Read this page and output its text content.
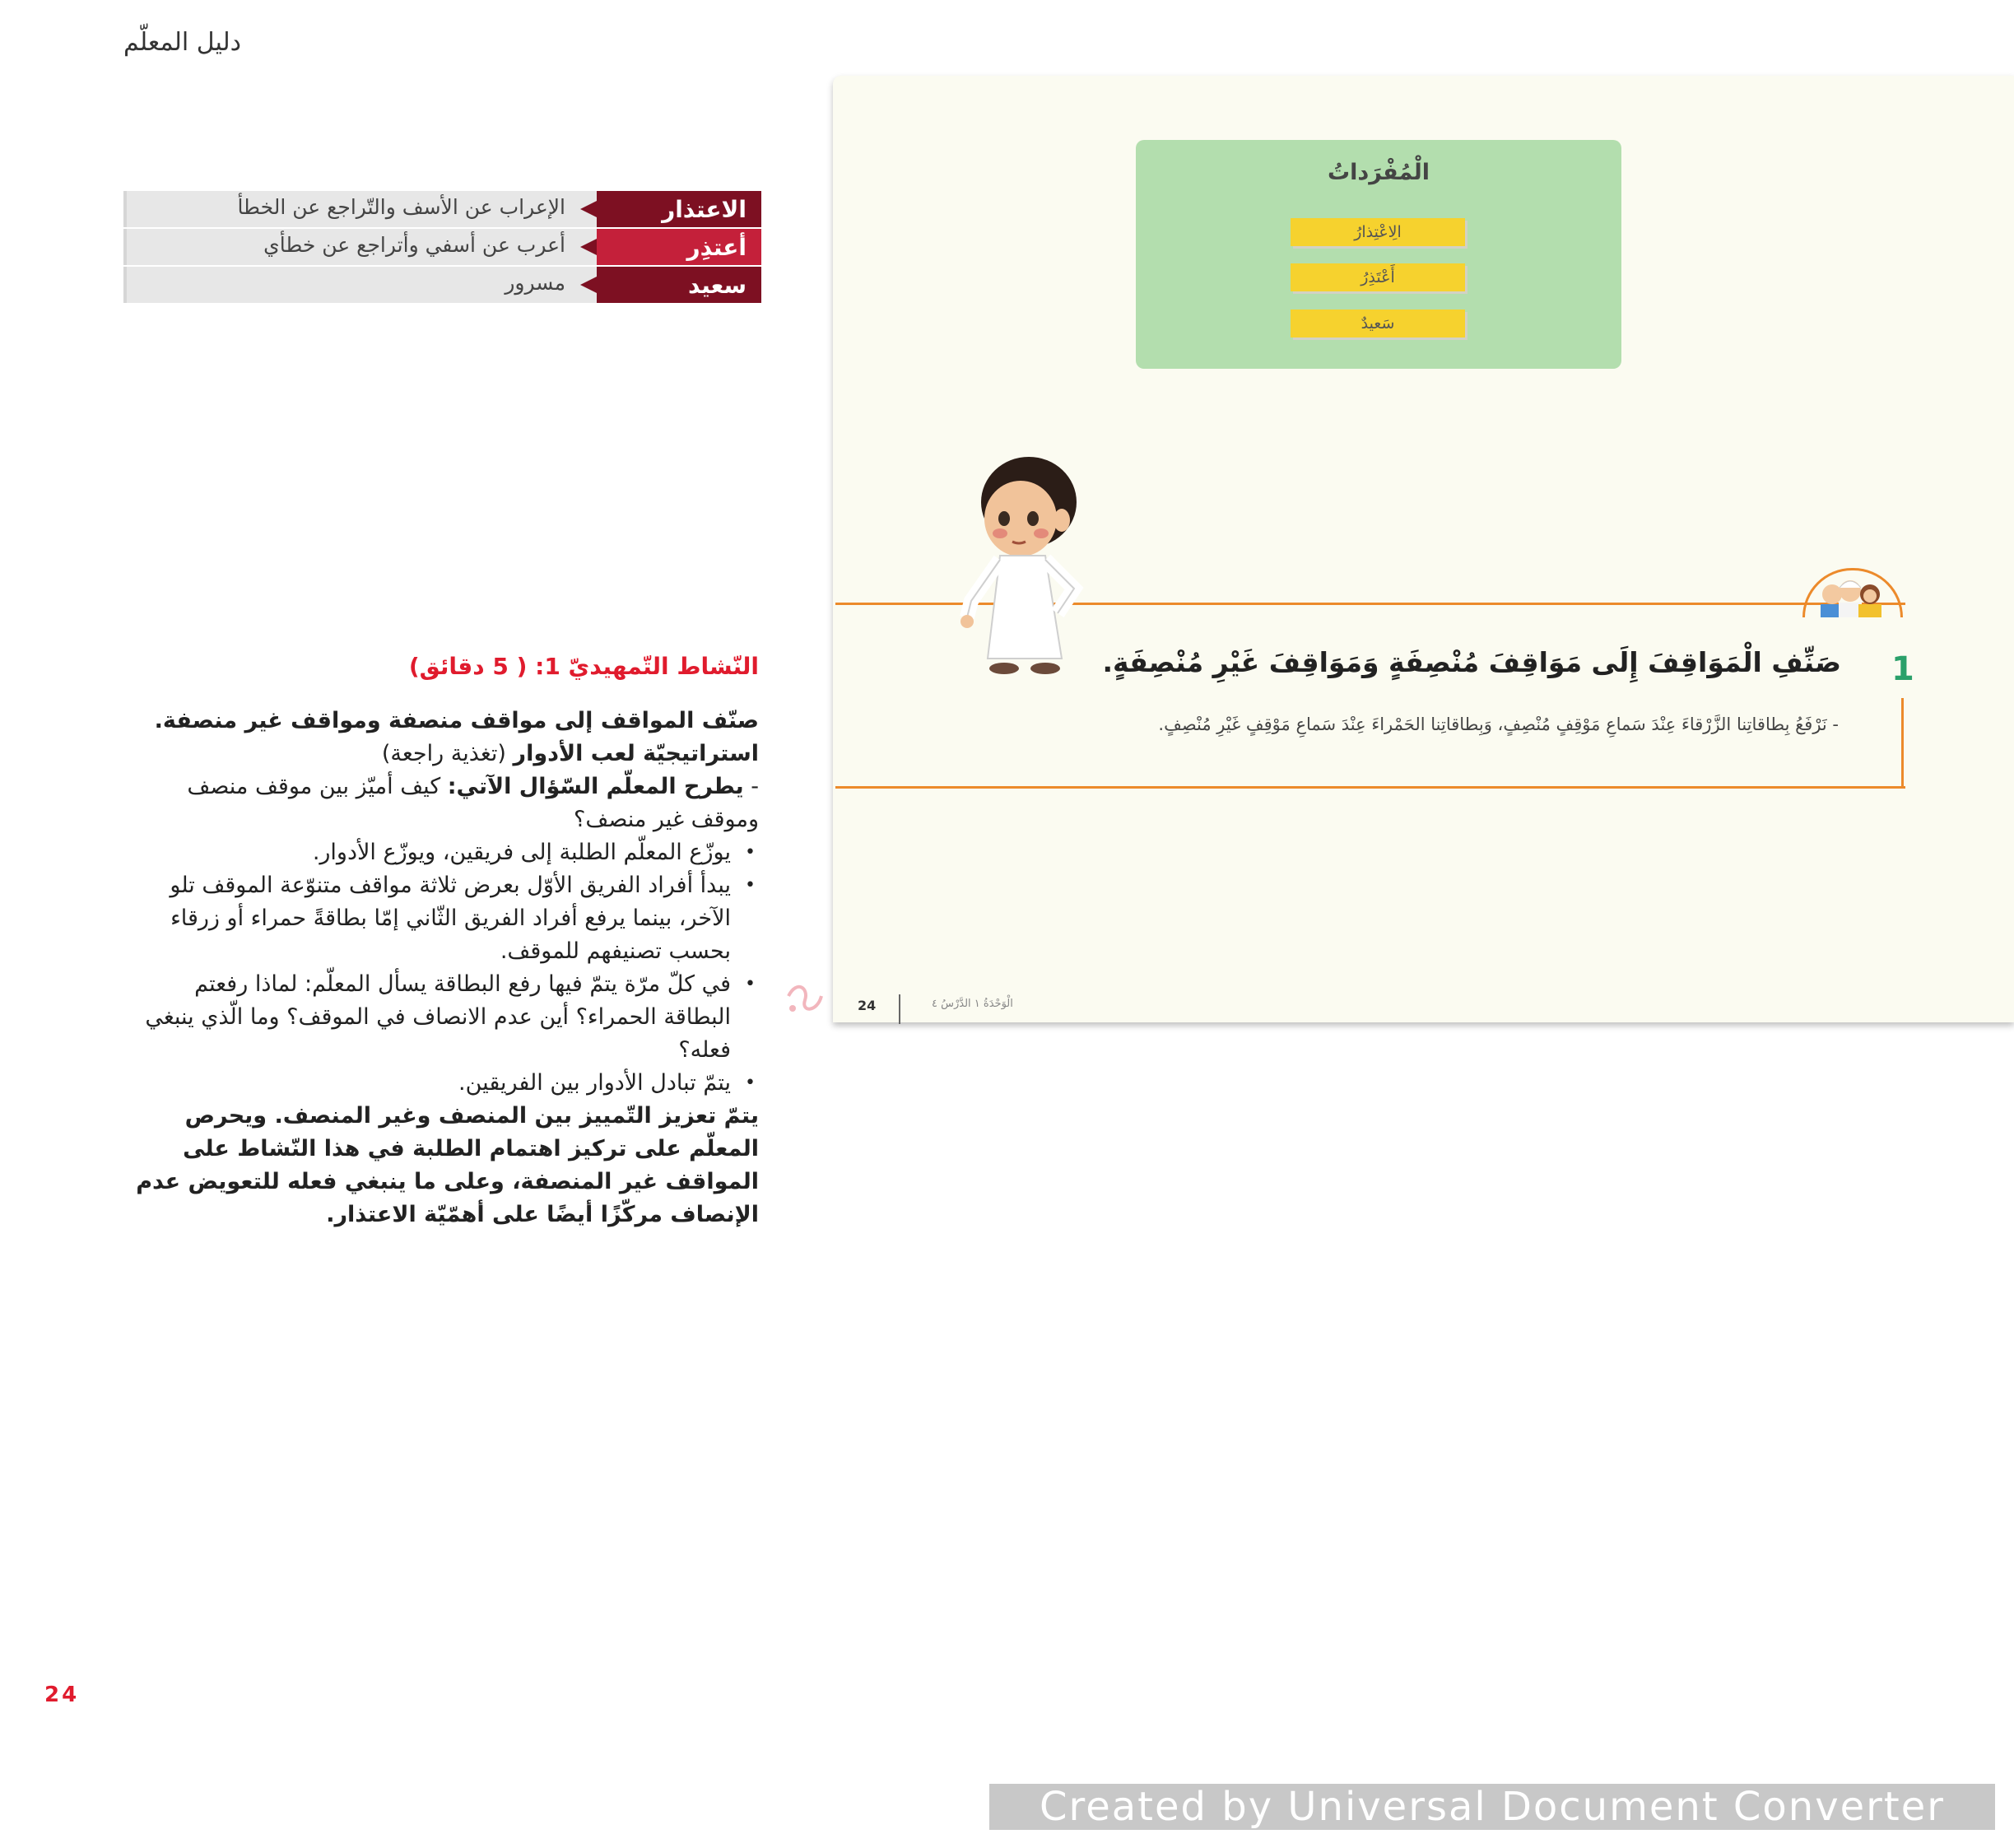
دليل المعلّم
الإعراب عن الأسف والتّراجع عن الخطأ	الاعتذار
أعرب عن أسفي وأتراجع عن خطأي	أعتذِر
مسرور	سعيد
النّشاط التّمهيديّ 1: ( 5 دقائق)
صنّف المواقف إلى مواقف منصفة ومواقف غير منصفة.
استراتيجيّة لعب الأدوار (تغذية راجعة)
- يطرح المعلّم السّؤال الآتي: كيف أميّز بين موقف منصف وموقف غير منصف؟
• يوزّع المعلّم الطلبة إلى فريقين، ويوزّع الأدوار.
• يبدأ أفراد الفريق الأوّل بعرض ثلاثة مواقف متنوّعة الموقف تلو الآخر، بينما يرفع أفراد الفريق الثّاني إمّا بطاقةً حمراء أو زرقاء بحسب تصنيفهم للموقف.
• في كلّ مرّة يتمّ فيها رفع البطاقة يسأل المعلّم: لماذا رفعتم البطاقة الحمراء؟ أين عدم الانصاف في الموقف؟ وما الّذي ينبغي فعله؟
• يتمّ تبادل الأدوار بين الفريقين.
يتمّ تعزيز التّمييز بين المنصف وغير المنصف. ويحرص المعلّم على تركيز اهتمام الطلبة في هذا النّشاط على المواقف غير المنصفة، وعلى ما ينبغي فعله للتعويض عدم الإنصاف مركّزًا أيضًا على أهمّيّة الاعتذار.
24
الْمُفْرَداتُ
الِاعْتِذارُ
أَعْتَذِرُ
سَعيدٌ
1
صَنِّفِ الْمَوَاقِفَ إِلَى مَوَاقِفَ مُنْصِفَةٍ وَمَوَاقِفَ غَيْرِ مُنْصِفَةٍ.
- نَرْفَعُ بِطاقاتِنا الزَّرْقاءَ عِنْدَ سَماعِ مَوْقِفٍ مُنْصِفٍ، وَبِطاقاتِنا الحَمْراءَ عِنْدَ سَماعِ مَوْقِفٍ غَيْرِ مُنْصِفٍ.
24	الْوَحْدَةُ ١ الدَّرْسُ ٤
Created by Universal Document Converter
